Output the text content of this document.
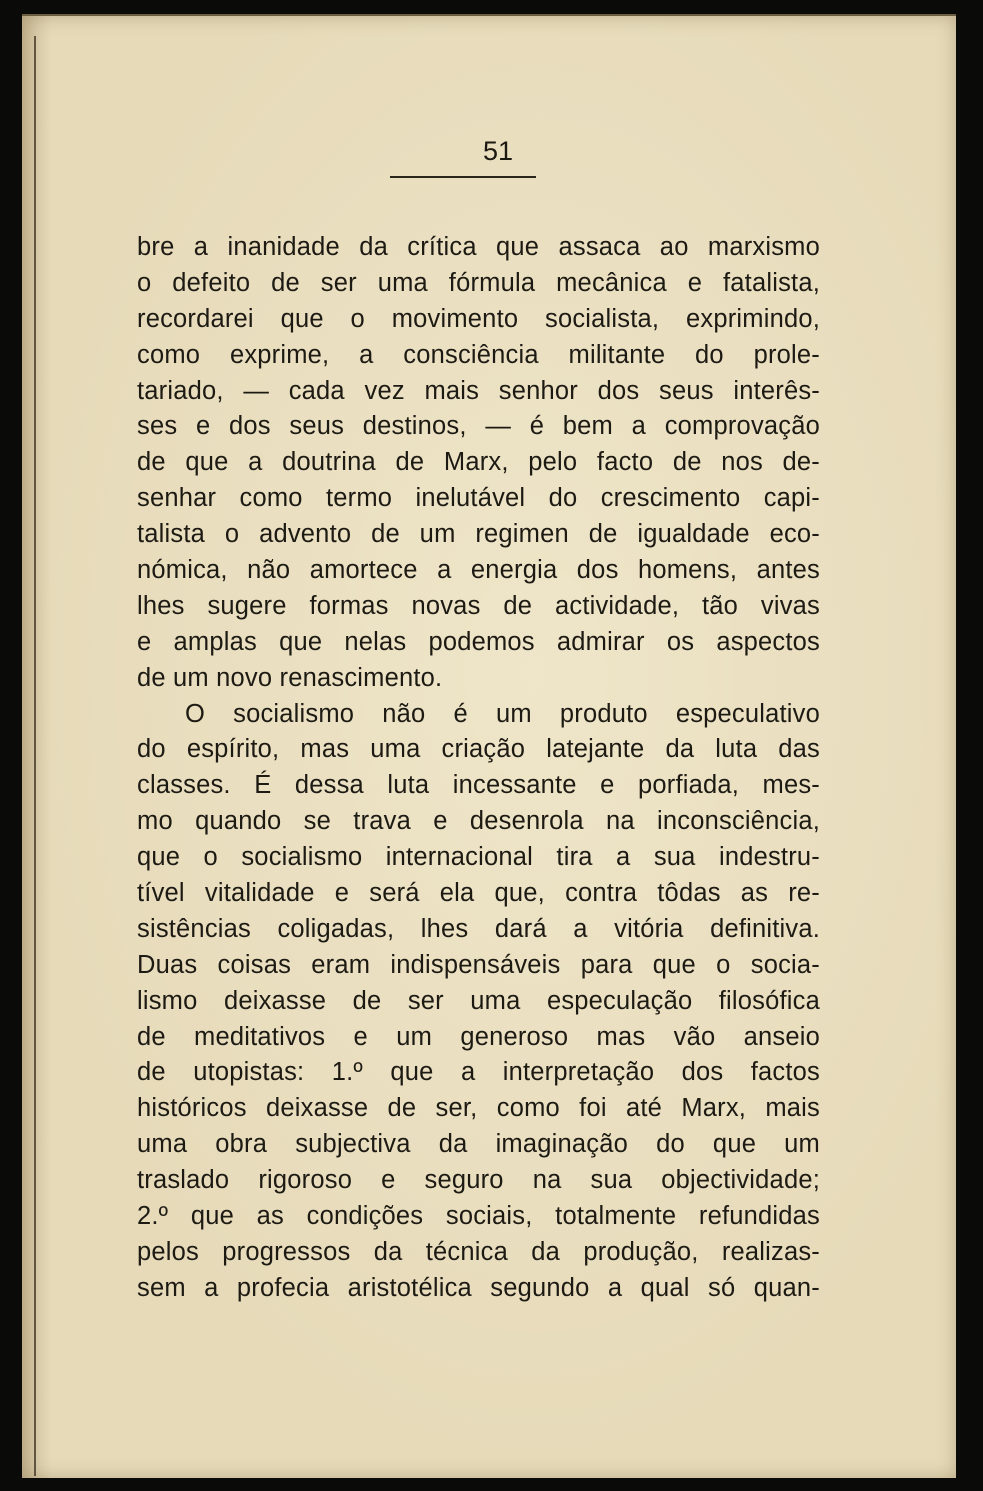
51
bre a inanidade da crítica que assaca ao marxismo
o defeito de ser uma fórmula mecânica e fatalista,
recordarei que o movimento socialista, exprimindo,
como exprime, a consciência militante do prole-
tariado, — cada vez mais senhor dos seus interês-
ses e dos seus destinos, — é bem a comprovação
de que a doutrina de Marx, pelo facto de nos de-
senhar como termo inelutável do crescimento capi-
talista o advento de um regimen de igualdade eco-
nómica, não amortece a energia dos homens, antes
lhes sugere formas novas de actividade, tão vivas
e amplas que nelas podemos admirar os aspectos
de um novo renascimento.
O socialismo não é um produto especulativo
do espírito, mas uma criação latejante da luta das
classes. É dessa luta incessante e porfiada, mes-
mo quando se trava e desenrola na inconsciência,
que o socialismo internacional tira a sua indestru-
tível vitalidade e será ela que, contra tôdas as re-
sistências coligadas, lhes dará a vitória definitiva.
Duas coisas eram indispensáveis para que o socia-
lismo deixasse de ser uma especulação filosófica
de meditativos e um generoso mas vão anseio
de utopistas: 1.º que a interpretação dos factos
históricos deixasse de ser, como foi até Marx, mais
uma obra subjectiva da imaginação do que um
traslado rigoroso e seguro na sua objectividade;
2.º que as condições sociais, totalmente refundidas
pelos progressos da técnica da produção, realizas-
sem a profecia aristotélica segundo a qual só quan-
